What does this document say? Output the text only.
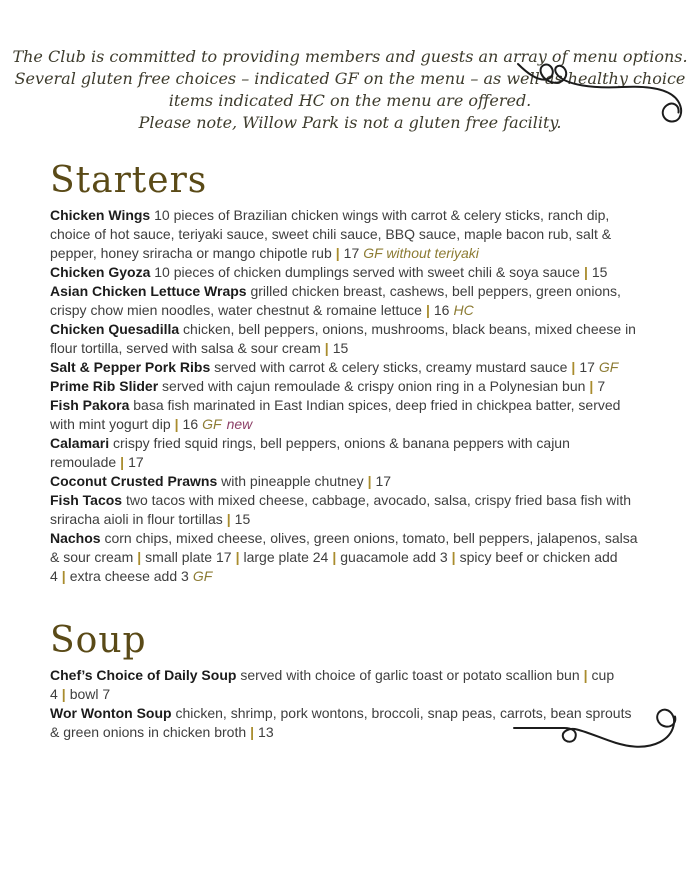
The Club is committed to providing members and guests an array of menu options.
Several gluten free choices – indicated GF on the menu – as well as healthy choice
items indicated HC on the menu are offered.
Please note, Willow Park is not a gluten free facility.
Starters

Chicken Wings 10 pieces of Brazilian chicken wings with carrot & celery sticks, ranch dip, choice of hot sauce, teriyaki sauce, sweet chili sauce, BBQ sauce, maple bacon rub, salt & pepper, honey sriracha or mango chipotle rub | 17 GF without teriyaki

Chicken Gyoza 10 pieces of chicken dumplings served with sweet chili & soya sauce | 15

Asian Chicken Lettuce Wraps grilled chicken breast, cashews, bell peppers, green onions, crispy chow mien noodles, water chestnut & romaine lettuce | 16 HC

Chicken Quesadilla chicken, bell peppers, onions, mushrooms, black beans, mixed cheese in flour tortilla, served with salsa & sour cream | 15

Salt & Pepper Pork Ribs served with carrot & celery sticks, creamy mustard sauce | 17 GF

Prime Rib Slider served with cajun remoulade & crispy onion ring in a Polynesian bun | 7

Fish Pakora basa fish marinated in East Indian spices, deep fried in chickpea batter, served with mint yogurt dip | 16 GF new

Calamari crispy fried squid rings, bell peppers, onions & banana peppers with cajun remoulade | 17

Coconut Crusted Prawns with pineapple chutney | 17

Fish Tacos two tacos with mixed cheese, cabbage, avocado, salsa, crispy fried basa fish with sriracha aioli in flour tortillas | 15

Nachos corn chips, mixed cheese, olives, green onions, tomato, bell peppers, jalapenos, salsa & sour cream | small plate 17 | large plate 24 | guacamole add 3 | spicy beef or chicken add 4 | extra cheese add 3 GF

Soup

Chef’s Choice of Daily Soup served with choice of garlic toast or potato scallion bun | cup 4 | bowl 7

Wor Wonton Soup chicken, shrimp, pork wontons, broccoli, snap peas, carrots, bean sprouts & green onions in chicken broth | 13
